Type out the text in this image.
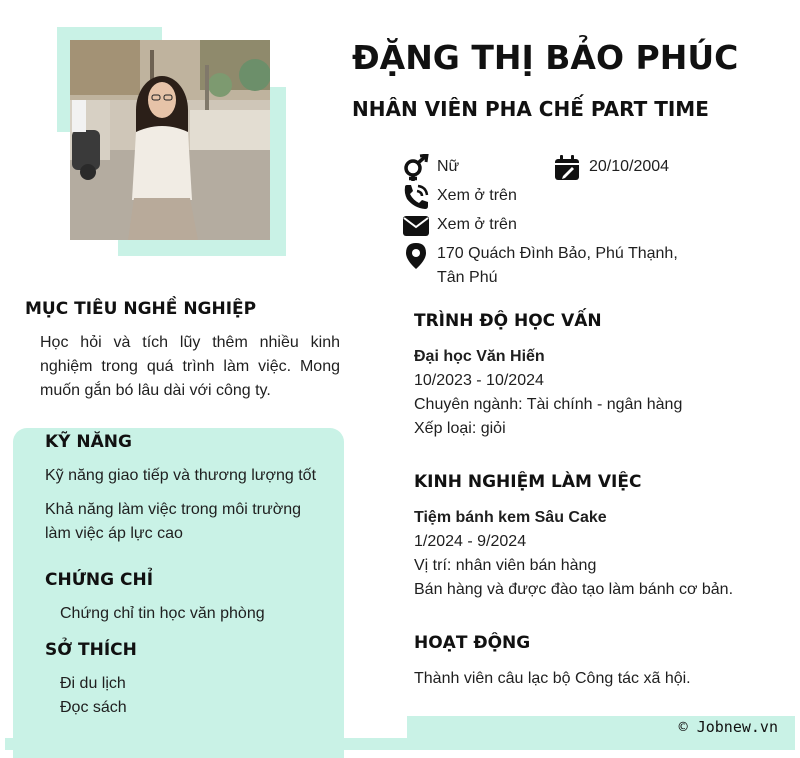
ĐẶNG THỊ BẢO PHÚC
NHÂN VIÊN PHA CHẾ PART TIME
Nữ	20/10/2004
Xem ở trên
Xem ở trên
170 Quách Đình Bảo, Phú Thạnh,
Tân Phú
MỤC TIÊU NGHỀ NGHIỆP
Học hỏi và tích lũy thêm nhiều kinh nghiệm trong quá trình làm việc. Mong muốn gắn bó lâu dài với công ty.
KỸ NĂNG
Kỹ năng giao tiếp và thương lượng tốt
Khả năng làm việc trong môi trường
làm việc áp lực cao
CHỨNG CHỈ
Chứng chỉ tin học văn phòng
SỞ THÍCH
Đi du lịch
Đọc sách
TRÌNH ĐỘ HỌC VẤN
Đại học Văn Hiến
10/2023 - 10/2024
Chuyên ngành: Tài chính - ngân hàng
Xếp loại: giỏi
KINH NGHIỆM LÀM VIỆC
Tiệm bánh kem Sâu Cake
1/2024 - 9/2024
Vị trí: nhân viên bán hàng
Bán hàng và được đào tạo làm bánh cơ bản.
HOẠT ĐỘNG
Thành viên câu lạc bộ Công tác xã hội.
© Jobnew.vn
